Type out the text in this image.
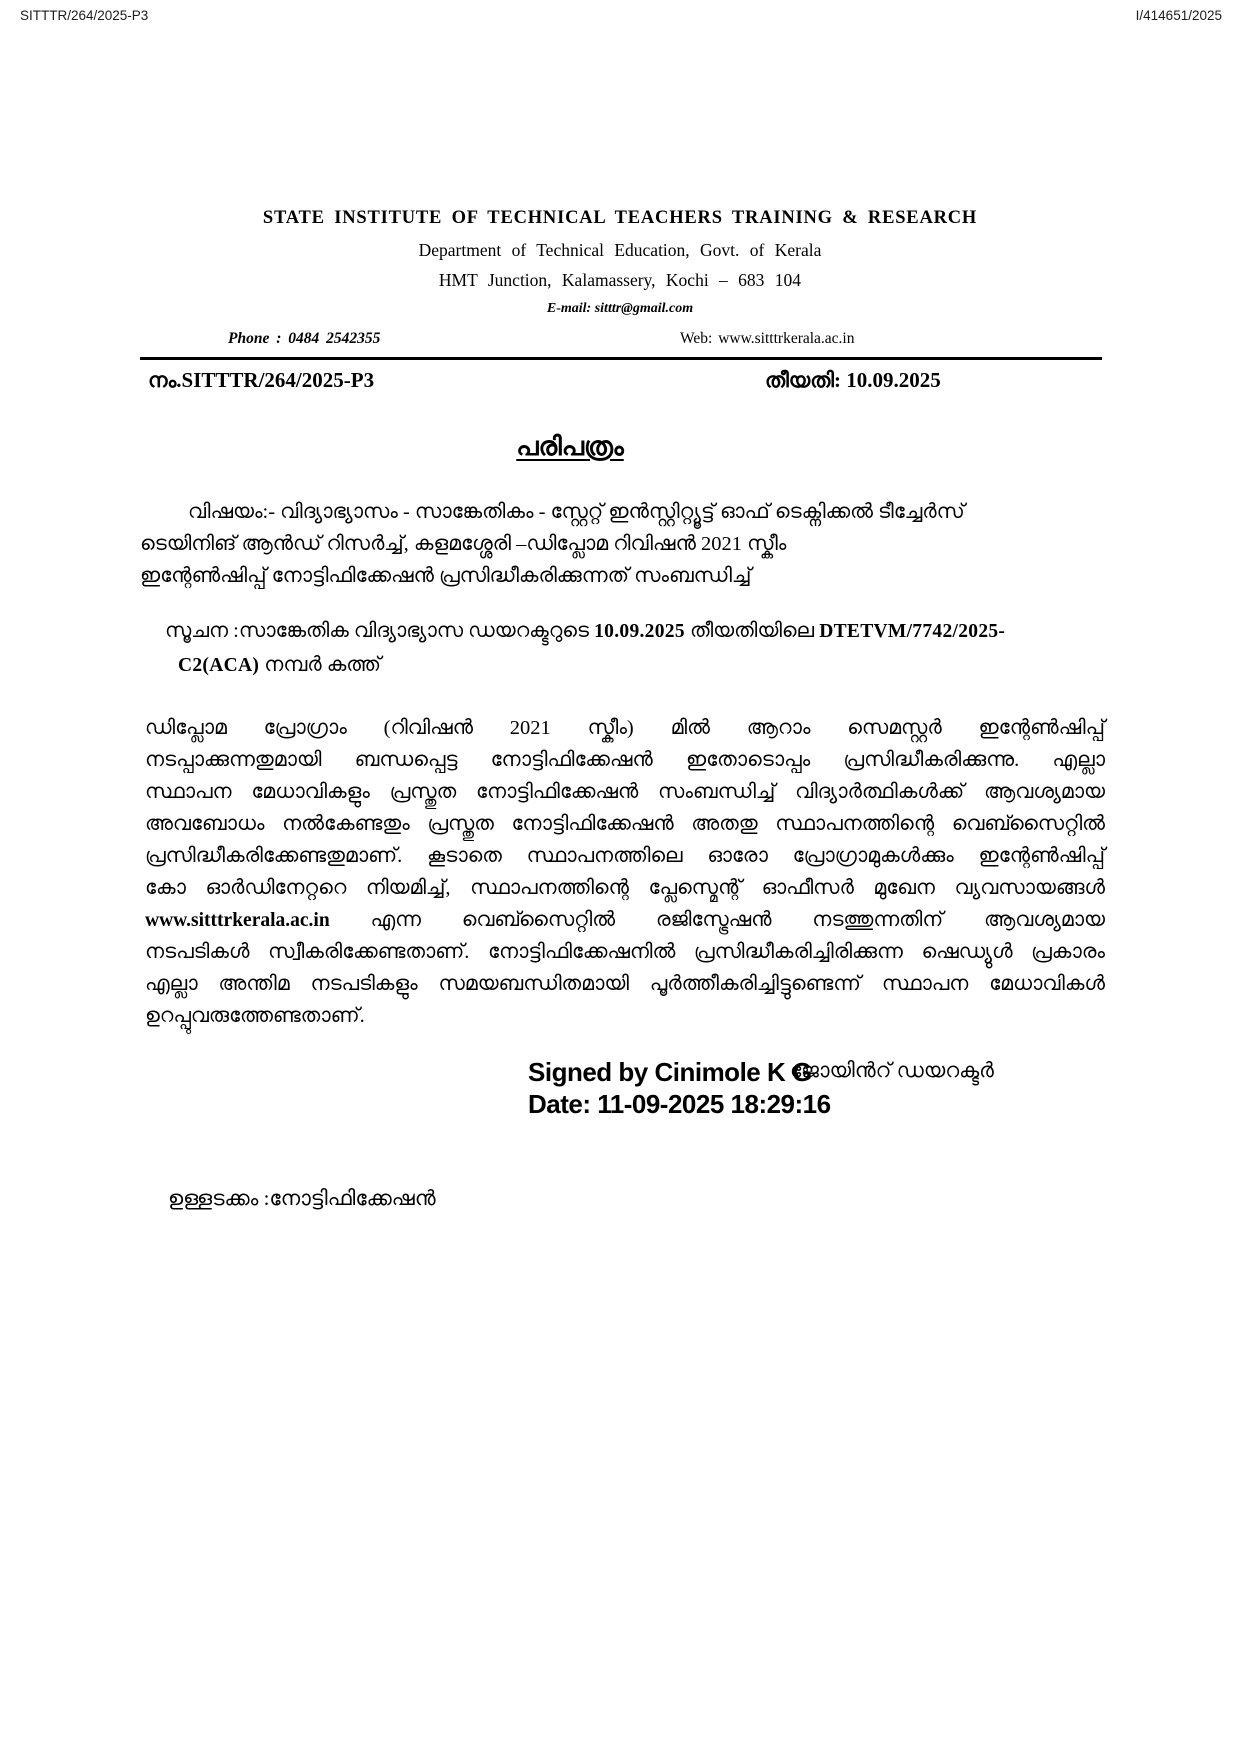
SITTTR/264/2025-P3	I/414651/2025
STATE INSTITUTE OF TECHNICAL TEACHERS TRAINING & RESEARCH
Department of Technical Education, Govt. of Kerala
HMT Junction, Kalamassery, Kochi – 683 104
E-mail: sitttr@gmail.com
Phone : 0484 2542355	Web: www.sitttrkerala.ac.in
നം.SITTTR/264/2025-P3	തീയതി: 10.09.2025
പരിപത്രം
വിഷയം:- വിദ്യാഭ്യാസം - സാങ്കേതികം - സ്റ്റേറ്റ് ഇൻസ്റ്റിറ്റ്യൂട്ട് ഓഫ് ടെക്നിക്കൽ ടീച്ചേർസ്
ടെയിനിങ് ആൻഡ് റിസർച്ച്, കളമശ്ശേരി –ഡിപ്ലോമ റിവിഷൻ 2021 സ്കീം
ഇന്റേൺഷിപ്പ് നോട്ടിഫിക്കേഷൻ പ്രസിദ്ധീകരിക്കുന്നത് സംബന്ധിച്ച്
സൂചന :സാങ്കേതിക വിദ്യാഭ്യാസ ഡയറക്ടറുടെ 10.09.2025 തീയതിയിലെ DTETVM/7742/2025-
C2(ACA) നമ്പർ കത്ത്
ഡിപ്ലോമ പ്രോഗ്രാം (റിവിഷൻ 2021 സ്കീം) മിൽ ആറാം സെമസ്റ്റർ ഇന്റേൺഷിപ്പ്
നടപ്പാക്കുന്നതുമായി ബന്ധപ്പെട്ട നോട്ടിഫിക്കേഷൻ ഇതോടൊപ്പം പ്രസിദ്ധീകരിക്കുന്നു. എല്ലാ
സ്ഥാപന മേധാവികളും പ്രസ്തുത നോട്ടിഫിക്കേഷൻ സംബന്ധിച്ച് വിദ്യാർത്ഥികൾക്ക് ആവശ്യമായ
അവബോധം നൽകേണ്ടതും പ്രസ്തുത നോട്ടിഫിക്കേഷൻ അതതു സ്ഥാപനത്തിന്റെ വെബ്സൈറ്റിൽ
പ്രസിദ്ധീകരിക്കേണ്ടതുമാണ്. കൂടാതെ സ്ഥാപനത്തിലെ ഓരോ പ്രോഗ്രാമുകൾക്കും ഇന്റേൺഷിപ്പ്
കോ ഓർഡിനേറ്ററെ നിയമിച്ച്, സ്ഥാപനത്തിന്റെ പ്ലേസ്മെന്റ് ഓഫീസർ മുഖേന വ്യവസായങ്ങൾ
www.sitttrkerala.ac.in എന്ന വെബ്സൈറ്റിൽ രജിസ്ട്രേഷൻ നടത്തുന്നതിന് ആവശ്യമായ
നടപടികൾ സ്വീകരിക്കേണ്ടതാണ്. നോട്ടിഫിക്കേഷനിൽ പ്രസിദ്ധീകരിച്ചിരിക്കുന്ന ഷെഡ്യുൾ പ്രകാരം
എല്ലാ അന്തിമ നടപടികളും സമയബന്ധിതമായി പൂർത്തീകരിച്ചിട്ടുണ്ടെന്ന് സ്ഥാപന മേധാവികൾ
ഉറപ്പുവരുത്തേണ്ടതാണ്.
Signed by Cinimole K G
Date: 11-09-2025 18:29:16
ജോയിൻറ് ഡയറക്ടർ
ഉള്ളടക്കം :നോട്ടിഫിക്കേഷൻ
